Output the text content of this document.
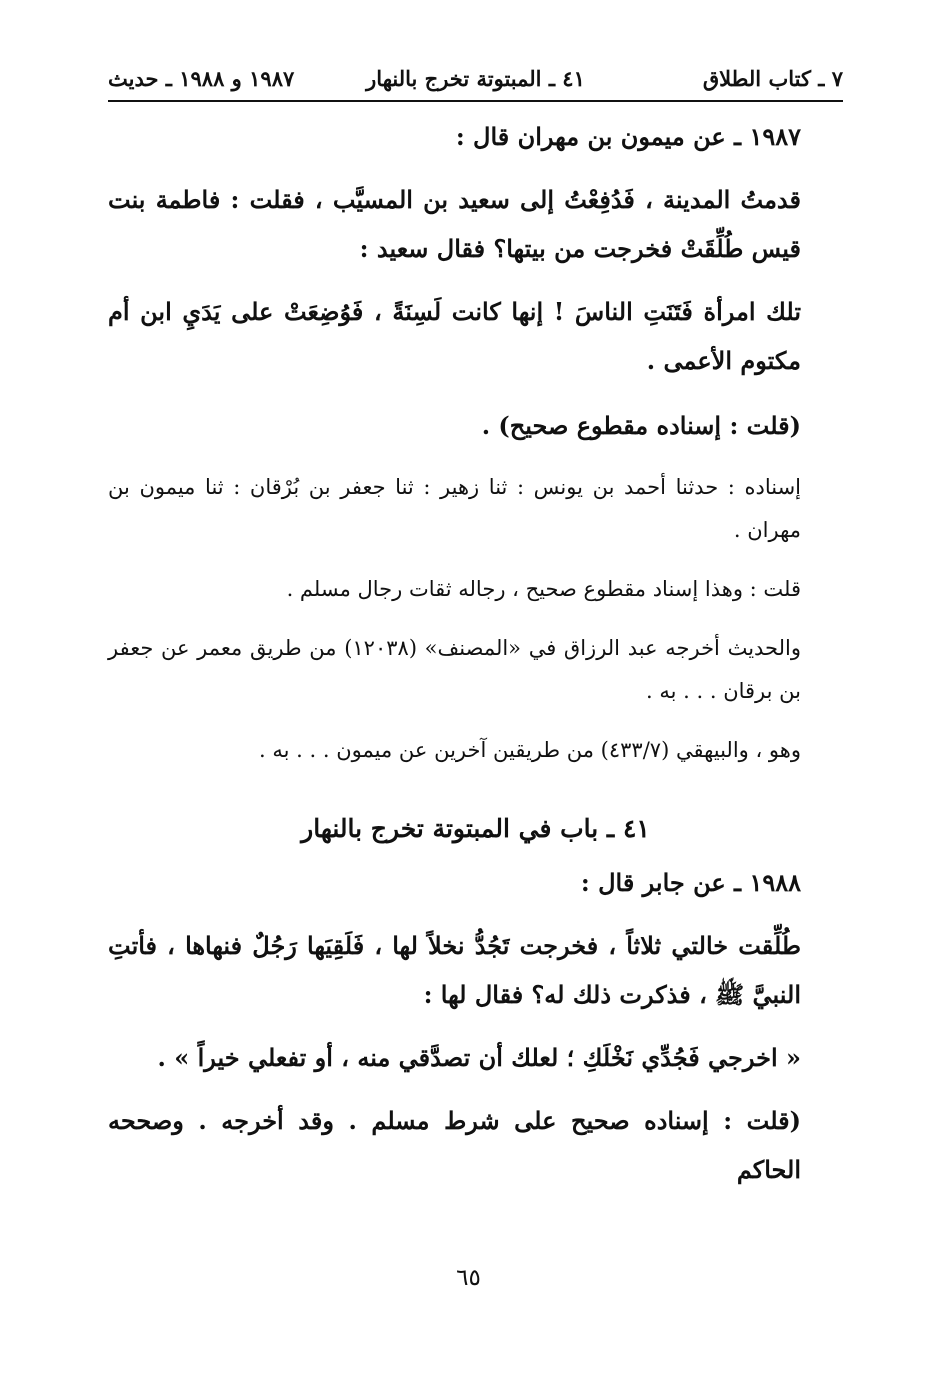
٧ ـ كتاب الطلاق
٤١ ـ المبتوتة تخرج بالنهار
١٩٨٧ و ١٩٨٨ ـ حديث

١٩٨٧ ـ عن ميمون بن مهران قال :

قدمتُ المدينة ، فَدُفِعْتُ إلى سعيد بن المسيَّب ، فقلت : فاطمة بنت قيس طُلِّقَتْ فخرجت من بيتها؟ فقال سعيد :

تلك امرأة فَتَنَتِ الناسَ ! إنها كانت لَسِنَةً ، فَوُضِعَتْ على يَدَيِ ابن أم مكتوم الأعمى .

(قلت : إسناده مقطوع صحيح) .

إسناده : حدثنا أحمد بن يونس : ثنا زهير : ثنا جعفر بن بُرْقان : ثنا ميمون بن مهران .

قلت : وهذا إسناد مقطوع صحيح ، رجاله ثقات رجال مسلم .

والحديث أخرجه عبد الرزاق في «المصنف» (١٢٠٣٨) من طريق معمر عن جعفر بن برقان . . . به .

وهو ، والبيهقي (٤٣٣/٧) من طريقين آخرين عن ميمون . . . به .

٤١ ـ باب في المبتوتة تخرج بالنهار

١٩٨٨ ـ عن جابر قال :

طُلِّقت خالتي ثلاثاً ، فخرجت تَجُدُّ نخلاً لها ، فَلَقِيَها رَجُلٌ فنهاها ، فأتتِ النبيَّ ﷺ ، فذكرت ذلك له؟ فقال لها :

« اخرجي فَجُدِّي نَخْلَكِ ؛ لعلك أن تصدَّقي منه ، أو تفعلي خيراً » .

(قلت : إسناده صحيح على شرط مسلم . وقد أخرجه . وصححه الحاكم

٦٥
